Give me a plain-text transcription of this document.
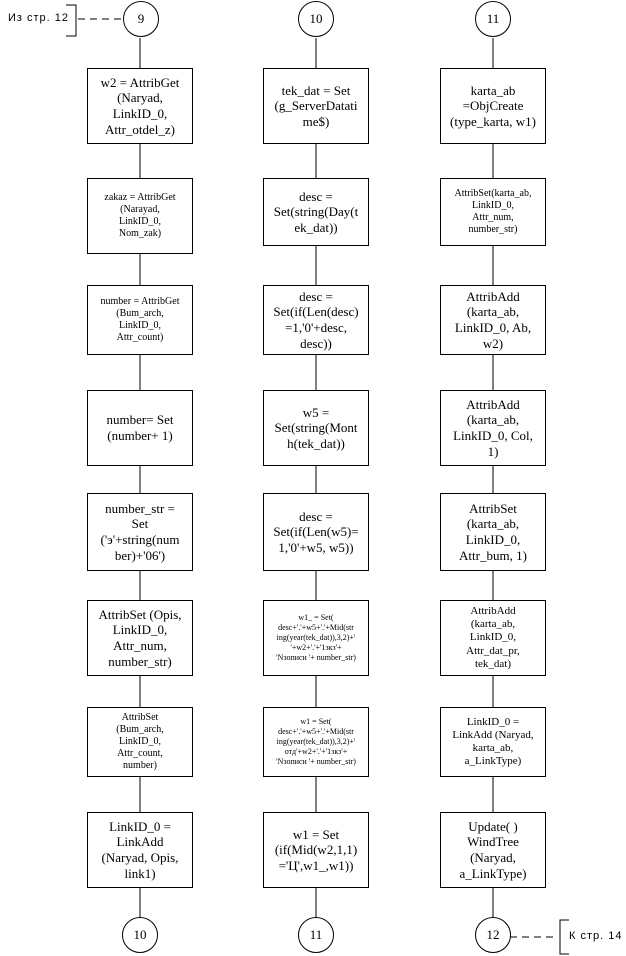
Из стр. 12
К стр. 14
9	10	11
w2 = AttribGet
(Naryad,
LinkID_0,
Attr_otdel_z)
zakaz = AttribGet
(Narayad,
LinkID_0,
Nom_zak)
number = AttribGet
(Bum_arch,
LinkID_0,
Attr_count)
number= Set
(number+ 1)
number_str =
Set
('э'+string(num
ber)+'06')
AttribSet (Opis,
LinkID_0,
Attr_num,
number_str)
AttribSet
(Bum_arch,
LinkID_0,
Attr_count,
number)
LinkID_0 =
LinkAdd
(Naryad, Opis,
link1)
tek_dat = Set
(g_ServerDatati
me$)
desc =
Set(string(Day(t
ek_dat))
desc =
Set(if(Len(desc)
=1,'0'+desc,
desc))
w5 =
Set(string(Mont
h(tek_dat))
desc =
Set(if(Len(w5)=
1,'0'+w5, w5))
w1_ = Set(
desc+'.'+w5+'.'+Mid(str
ing(year(tek_dat)),3,2)+'
'+w2+'.'+'1зкз'+
'Nзописи '+ number_str)
w1 = Set(
desc+'.'+w5+'.'+Mid(str
ing(year(tek_dat)),3,2)+'
отд'+w2+'.'+'1зкз'+
'Nзописи '+ number_str)
w1 = Set
(if(Mid(w2,1,1)
='Ц',w1_,w1))
karta_ab
=ObjCreate
(type_karta, w1)
AttribSet(karta_ab,
LinkID_0,
Attr_num,
number_str)
AttribAdd
(karta_ab,
LinkID_0, Ab,
w2)
AttribAdd
(karta_ab,
LinkID_0, Col,
1)
AttribSet
(karta_ab,
LinkID_0,
Attr_bum, 1)
AttribAdd
(karta_ab,
LinkID_0,
Attr_dat_pr,
tek_dat)
LinkID_0 =
LinkAdd (Naryad,
karta_ab,
a_LinkType)
Update( )
WindTree
(Naryad,
a_LinkType)
10	11	12
